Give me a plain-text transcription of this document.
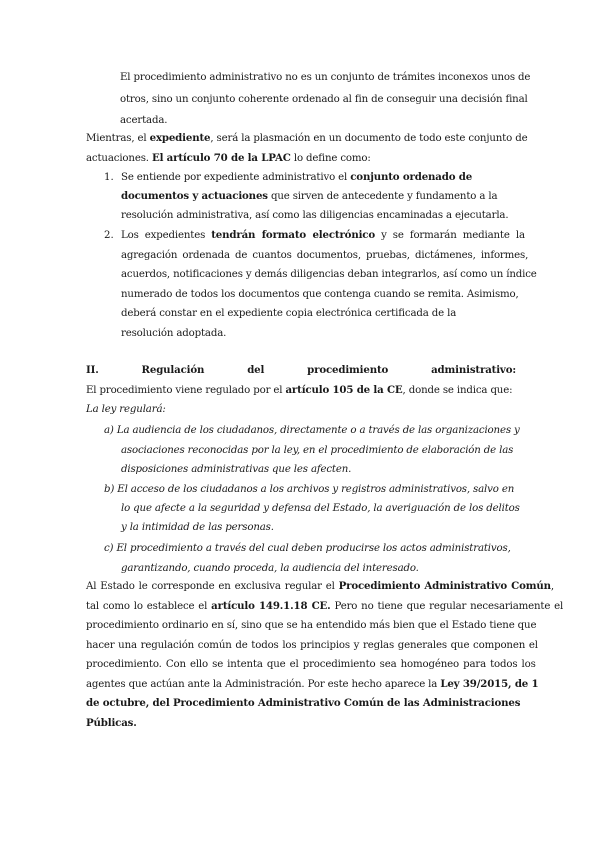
El procedimiento administrativo no es un conjunto de trámites inconexos unos de
otros, sino un conjunto coherente ordenado al fin de conseguir una decisión final
acertada.
Mientras, el expediente, será la plasmación en un documento de todo este conjunto de
actuaciones. El artículo 70 de la LPAC lo define como:
1. Se entiende por expediente administrativo el conjunto ordenado de
documentos y actuaciones que sirven de antecedente y fundamento a la
resolución administrativa, así como las diligencias encaminadas a ejecutarla.
2. Los expedientes tendrán formato electrónico y se formarán mediante la
agregación ordenada de cuantos documentos, pruebas, dictámenes, informes,
acuerdos, notificaciones y demás diligencias deban integrarlos, así como un índice
numerado de todos los documentos que contenga cuando se remita. Asimismo,
deberá constar en el expediente copia electrónica certificada de la
resolución adoptada.
II.	Regulación	del	procedimiento	administrativo:
El procedimiento viene regulado por el artículo 105 de la CE, donde se indica que:
La ley regulará:
a) La audiencia de los ciudadanos, directamente o a través de las organizaciones y
asociaciones reconocidas por la ley, en el procedimiento de elaboración de las
disposiciones administrativas que les afecten.
b) El acceso de los ciudadanos a los archivos y registros administrativos, salvo en
lo que afecte a la seguridad y defensa del Estado, la averiguación de los delitos
y la intimidad de las personas.
c) El procedimiento a través del cual deben producirse los actos administrativos,
garantizando, cuando proceda, la audiencia del interesado.
Al Estado le corresponde en exclusiva regular el Procedimiento Administrativo Común,
tal como lo establece el artículo 149.1.18 CE. Pero no tiene que regular necesariamente el
procedimiento ordinario en sí, sino que se ha entendido más bien que el Estado tiene que
hacer una regulación común de todos los principios y reglas generales que componen el
procedimiento. Con ello se intenta que el procedimiento sea homogéneo para todos los
agentes que actúan ante la Administración. Por este hecho aparece la Ley 39/2015, de 1
de octubre, del Procedimiento Administrativo Común de las Administraciones
Públicas.
